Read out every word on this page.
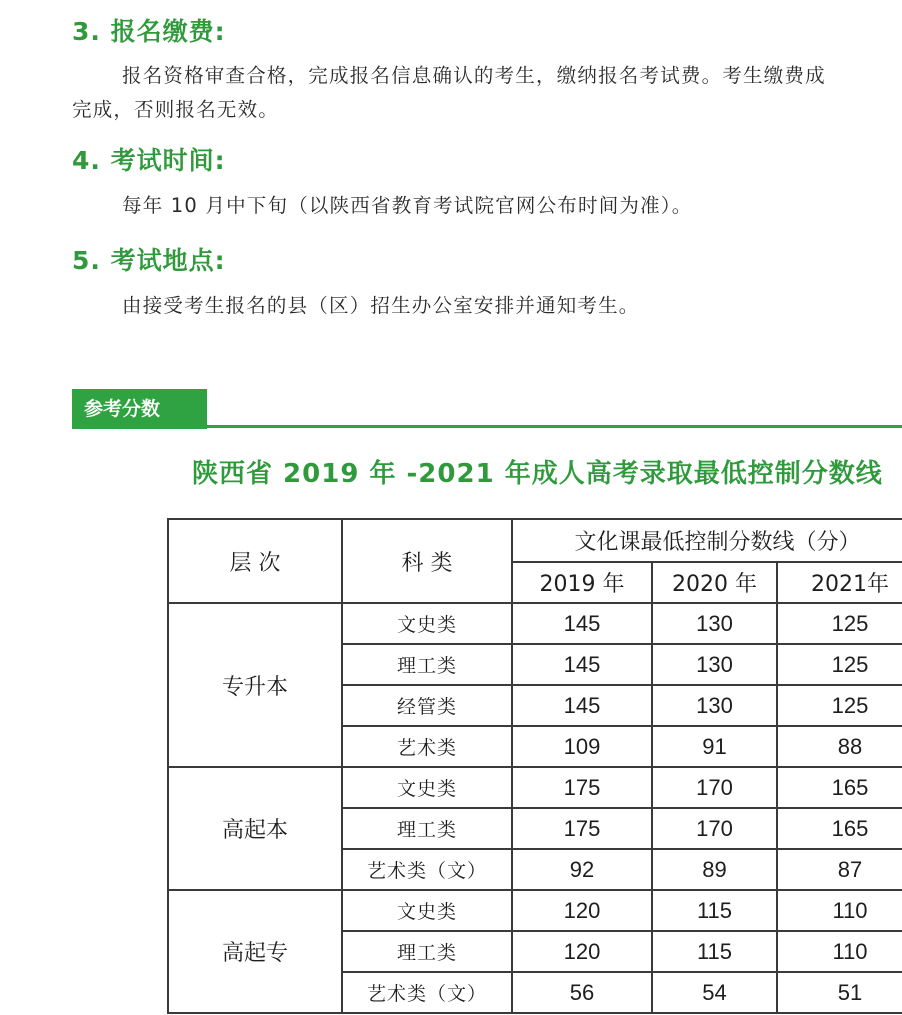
3. 报名缴费:

报名资格审查合格，完成报名信息确认的考生，缴纳报名考试费。考生缴费成

完成，否则报名无效。

4. 考试时间:

每年 10 月中下旬（以陕西省教育考试院官网公布时间为准）。

5. 考试地点:

由接受考生报名的县（区）招生办公室安排并通知考生。

参考分数
陕西省 2019 年 -2021 年成人高考录取最低控制分数线
层 次	科 类	文化课最低控制分数线（分）		
		2019 年	2020 年	2021年
专升本	文史类	145	130	125
	理工类	145	130	125
	经管类	145	130	125
	艺术类	109	91	88
高起本	文史类	175	170	165
	理工类	175	170	165
	艺术类（文）	92	89	87
高起专	文史类	120	115	110
	理工类	120	115	110
	艺术类（文）	56	54	51
